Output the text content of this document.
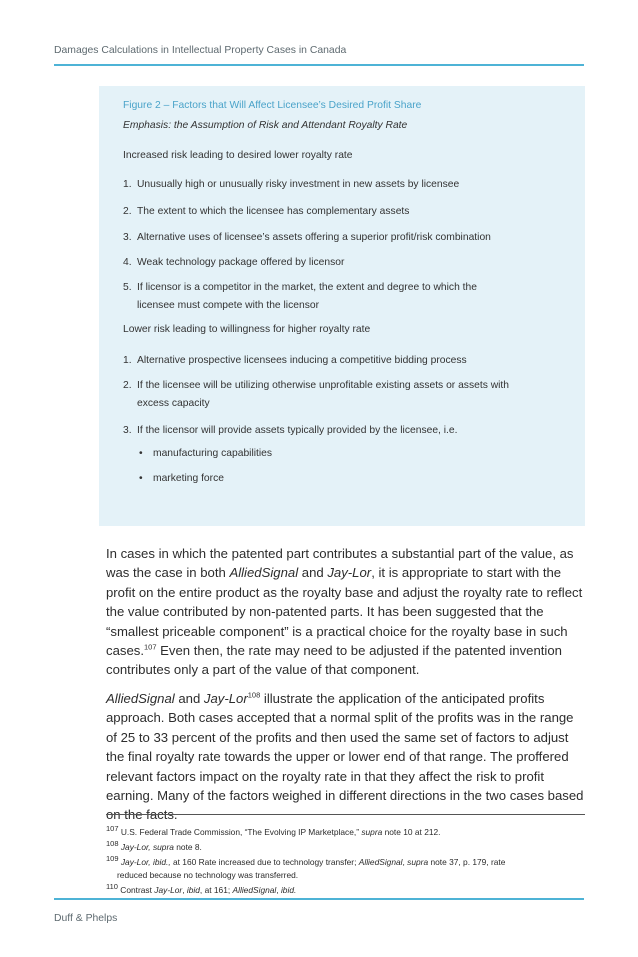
Damages Calculations in Intellectual Property Cases in Canada
Figure 2 – Factors that Will Affect Licensee’s Desired Profit Share
Emphasis: the Assumption of Risk and Attendant Royalty Rate
Increased risk leading to desired lower royalty rate
1. Unusually high or unusually risky investment in new assets by licensee
2. The extent to which the licensee has complementary assets
3. Alternative uses of licensee’s assets offering a superior profit/risk combination
4. Weak technology package offered by licensor
5. If licensor is a competitor in the market, the extent and degree to which the
licensee must compete with the licensor
Lower risk leading to willingness for higher royalty rate
1. Alternative prospective licensees inducing a competitive bidding process
2. If the licensee will be utilizing otherwise unprofitable existing assets or assets with
excess capacity
3. If the licensor will provide assets typically provided by the licensee, i.e.
• manufacturing capabilities
• marketing force

In cases in which the patented part contributes a substantial part of the value, as was the case in both AlliedSignal and Jay-Lor, it is appropriate to start with the profit on the entire product as the royalty base and adjust the royalty rate to reflect the value contributed by non-patented parts. It has been suggested that the “smallest priceable component” is a practical choice for the royalty base in such cases.$^{107}$ Even then, the rate may need to be adjusted if the patented invention contributes only a part of the value of that component.

AlliedSignal and Jay-Lor$^{108}$ illustrate the application of the anticipated profits approach. Both cases accepted that a normal split of the profits was in the range of 25 to 33 percent of the profits and then used the same set of factors to adjust the final royalty rate towards the upper or lower end of that range. The proffered relevant factors impact on the royalty rate in that they affect the risk to profit earning. Many of the factors weighed in different directions in the two cases based

$^{107}$ U.S. Federal Trade Commission, “The Evolving IP Marketplace,” supra note 10 at 212.
$^{108}$ Jay-Lor, supra note 8.
$^{109}$ Jay-Lor, ibid., at 160 Rate increased due to technology transfer; AlliedSignal, supra note 37, p. 179, rate
reduced because no technology was transferred.
$^{110}$ Contrast Jay-Lor, ibid, at 161; AlliedSignal, ibid.
Duff & Phelps
